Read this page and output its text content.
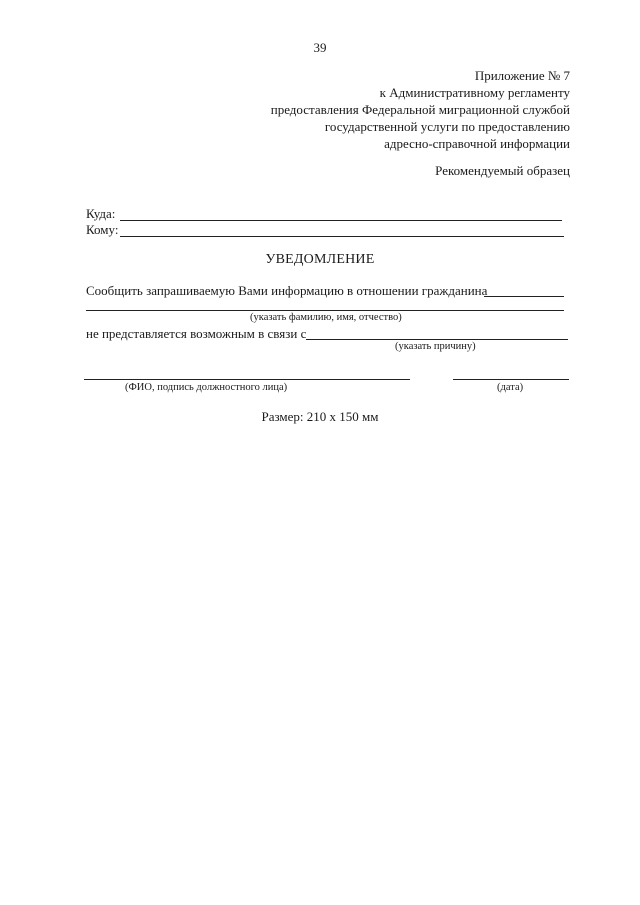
39
Приложение № 7
к Административному регламенту
предоставления Федеральной миграционной службой
государственной услуги по предоставлению
адресно-справочной информации
Рекомендуемый образец
Куда:
Кому:
УВЕДОМЛЕНИЕ
Сообщить запрашиваемую Вами информацию в отношении гражданина
(указать фамилию, имя, отчество)
не представляется возможным в связи с
(указать причину)
(ФИО, подпись должностного лица)	(дата)
Размер: 210 х 150 мм
